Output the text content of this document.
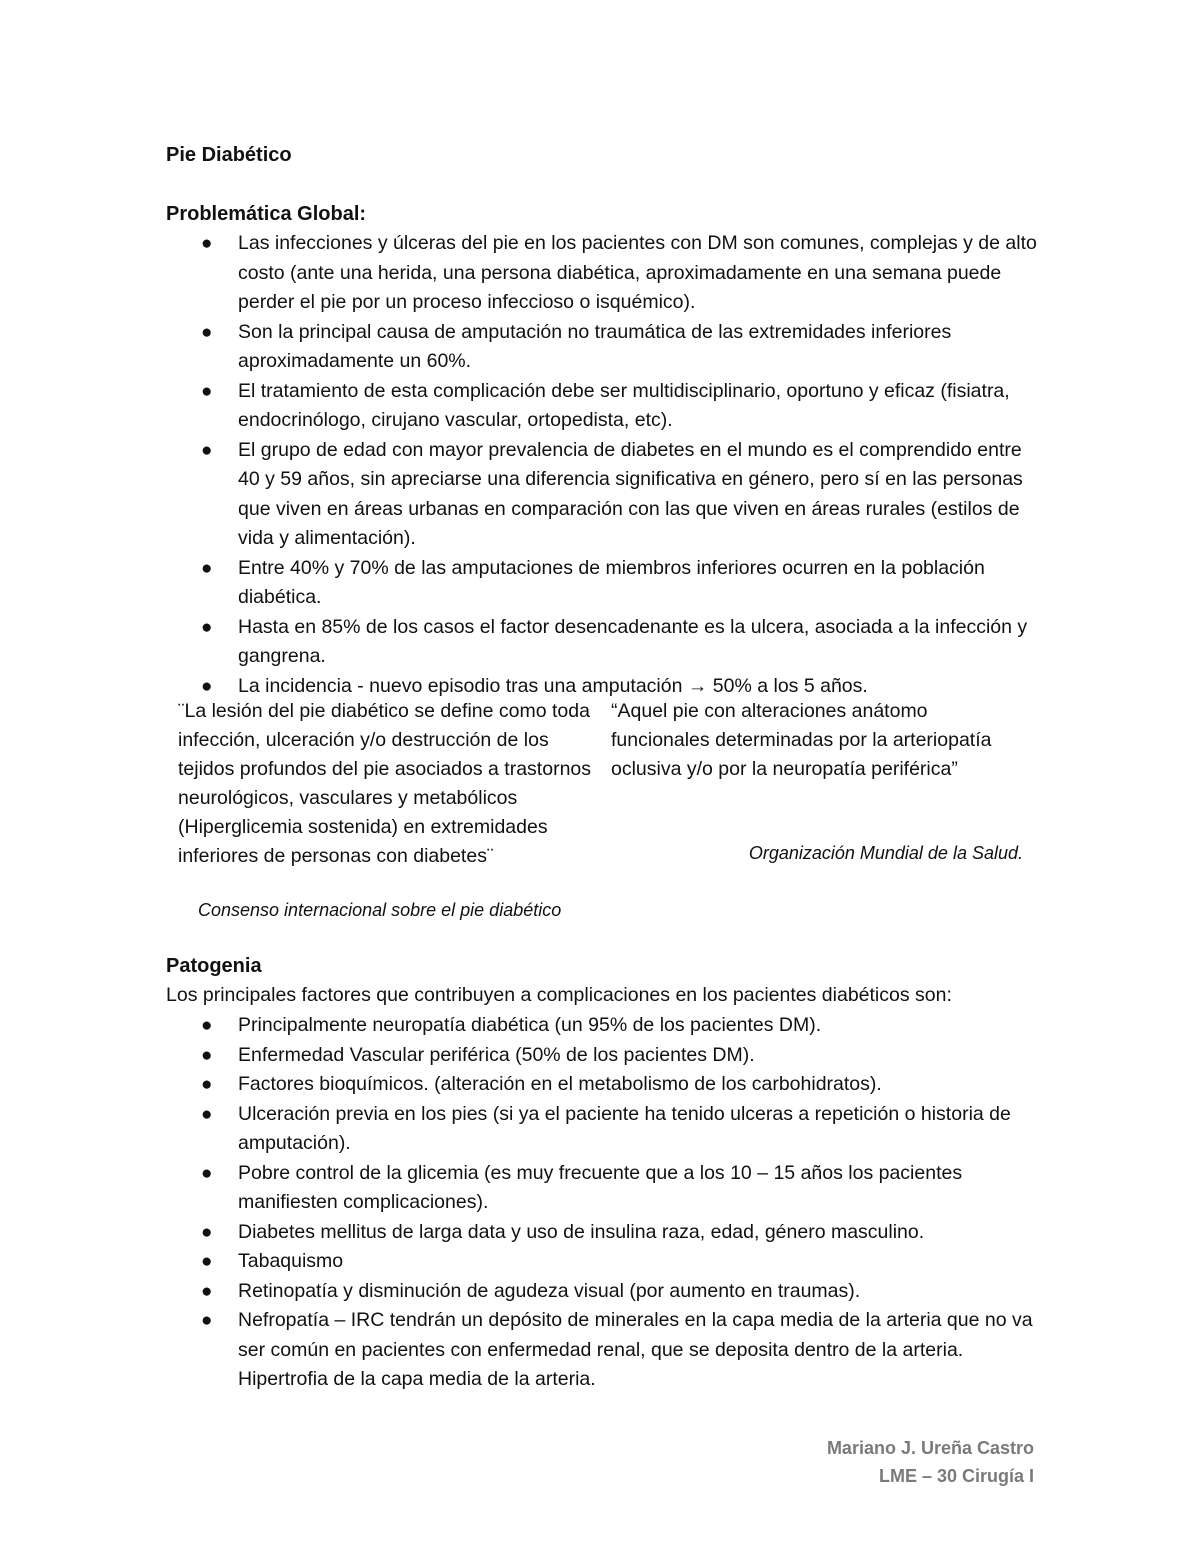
Pie Diabético
Problemática Global:
● Las infecciones y úlceras del pie en los pacientes con DM son comunes, complejas y de alto costo (ante una herida, una persona diabética, aproximadamente en una semana puede perder el pie por un proceso infeccioso o isquémico).
● Son la principal causa de amputación no traumática de las extremidades inferiores aproximadamente un 60%.
● El tratamiento de esta complicación debe ser multidisciplinario, oportuno y eficaz (fisiatra, endocrinólogo, cirujano vascular, ortopedista, etc).
● El grupo de edad con mayor prevalencia de diabetes en el mundo es el comprendido entre 40 y 59 años, sin apreciarse una diferencia significativa en género, pero sí en las personas que viven en áreas urbanas en comparación con las que viven en áreas rurales (estilos de vida y alimentación).
● Entre 40% y 70% de las amputaciones de miembros inferiores ocurren en la población diabética.
● Hasta en 85% de los casos el factor desencadenante es la ulcera, asociada a la infección y gangrena.
● La incidencia - nuevo episodio tras una amputación → 50% a los 5 años.

¨La lesión del pie diabético se define como toda infección, ulceración y/o destrucción de los tejidos profundos del pie asociados a trastornos neurológicos, vasculares y metabólicos (Hiperglicemia sostenida) en extremidades inferiores de personas con diabetes¨

Consenso internacional sobre el pie diabético

“Aquel pie con alteraciones anátomo funcionales determinadas por la arteriopatía oclusiva y/o por la neuropatía periférica”

Organización Mundial de la Salud.

Patogenia

Los principales factores que contribuyen a complicaciones en los pacientes diabéticos son:

● Principalmente neuropatía diabética (un 95% de los pacientes DM).
● Enfermedad Vascular periférica (50% de los pacientes DM).
● Factores bioquímicos. (alteración en el metabolismo de los carbohidratos).
● Ulceración previa en los pies (si ya el paciente ha tenido ulceras a repetición o historia de amputación).
● Pobre control de la glicemia (es muy frecuente que a los 10 – 15 años los pacientes manifiesten complicaciones).
● Diabetes mellitus de larga data y uso de insulina raza, edad, género masculino.
● Tabaquismo
● Retinopatía y disminución de agudeza visual (por aumento en traumas).
● Nefropatía – IRC tendrán un depósito de minerales en la capa media de la arteria que no va ser común en pacientes con enfermedad renal, que se deposita dentro de la arteria. Hipertrofia de la capa media de la arteria.

Mariano J. Ureña Castro

LME – 30 Cirugía I
